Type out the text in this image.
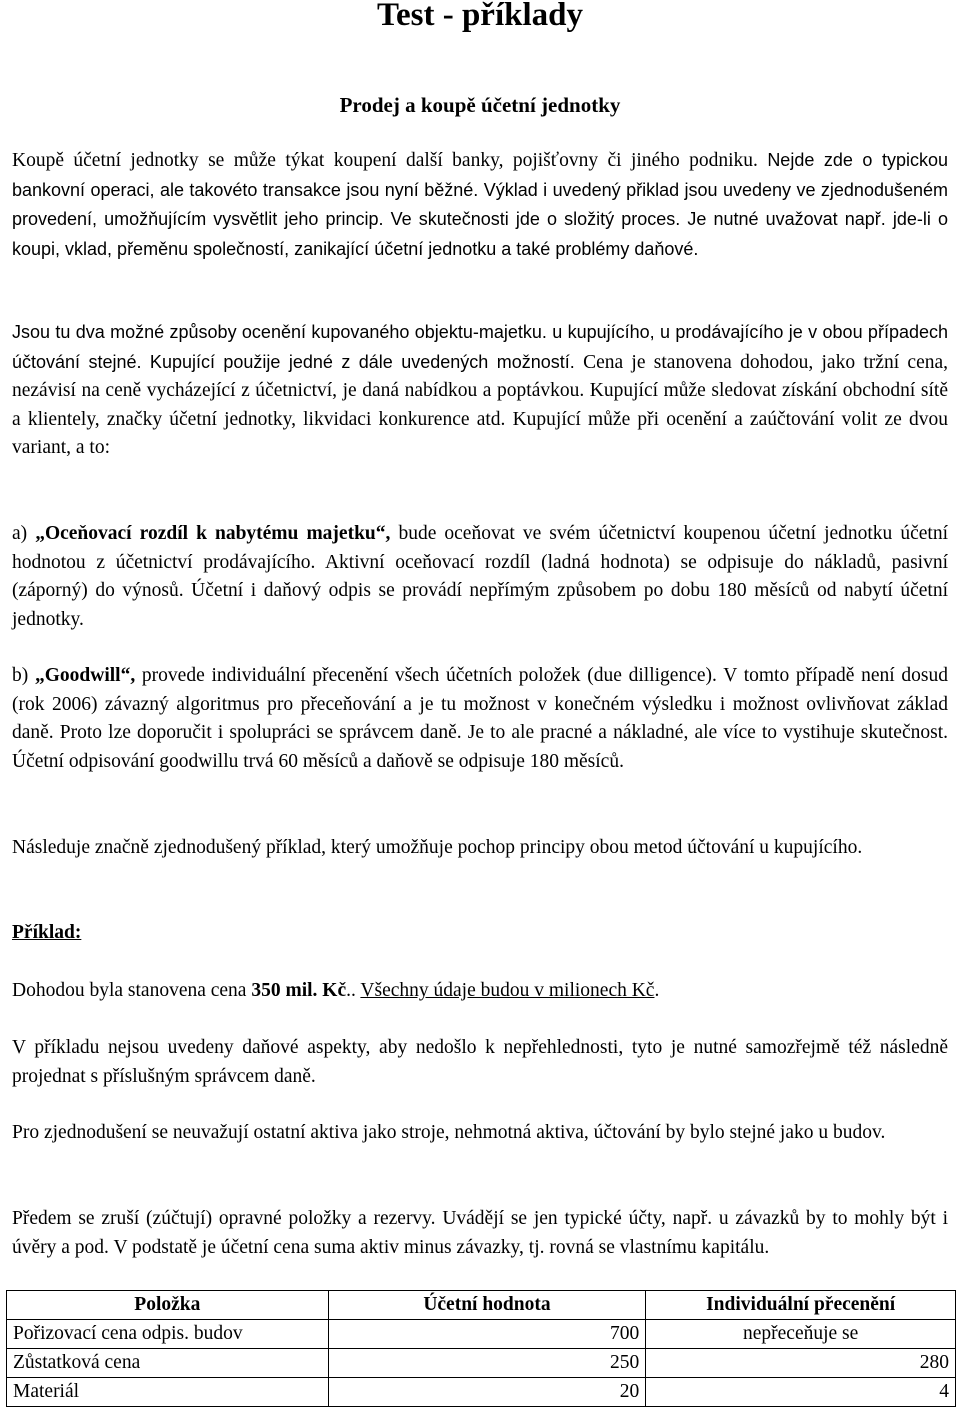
Test - příklady
Prodej a koupě účetní jednotky

Koupě účetní jednotky se může týkat koupení další banky, pojišťovny či jiného podniku. Nejde zde o typickou bankovní operaci, ale takovéto transakce jsou nyní běžné. Výklad i uvedený přiklad jsou uvedeny ve zjednodušeném provedení, umožňujícím vysvětlit jeho princip. Ve skutečnosti jde o složitý proces. Je nutné uvažovat např. jde-li o koupi, vklad, přeměnu společností, zanikající účetní jednotku a také problémy daňové.

Jsou tu dva možné způsoby ocenění kupovaného objektu-majetku. u kupujícího, u prodávajícího je v obou případech účtování stejné. Kupující použije jedné z dále uvedených možností. Cena je stanovena dohodou, jako tržní cena, nezávisí na ceně vycházející z účetnictví, je daná nabídkou a poptávkou. Kupující může sledovat získání obchodní sítě a klientely, značky účetní jednotky, likvidaci konkurence atd. Kupující může při ocenění a zaúčtování volit ze dvou variant, a to:

a) „Oceňovací rozdíl k nabytému majetku“, bude oceňovat ve svém účetnictví koupenou účetní jednotku účetní hodnotou z účetnictví prodávajícího. Aktivní oceňovací rozdíl (ladná hodnota) se odpisuje do nákladů, pasivní (záporný) do výnosů. Účetní i daňový odpis se provádí nepřímým způsobem po dobu 180 měsíců od nabytí účetní jednotky.

b) „Goodwill“, provede individuální přecenění všech účetních položek (due dilligence). V tomto případě není dosud (rok 2006) závazný algoritmus pro přeceňování a je tu možnost v konečném výsledku i možnost ovlivňovat základ daně. Proto lze doporučit i spolupráci se správcem daně. Je to ale pracné a nákladné, ale více to vystihuje skutečnost. Účetní odpisování goodwillu trvá 60 měsíců a daňově se odpisuje 180 měsíců.

Následuje značně zjednodušený příklad, který umožňuje pochop principy obou metod účtování u kupujícího.

Příklad:

Dohodou byla stanovena cena 350 mil. Kč.. Všechny údaje budou v milionech Kč.

V příkladu nejsou uvedeny daňové aspekty, aby nedošlo k nepřehlednosti, tyto je nutné samozřejmě též následně projednat s příslušným správcem daně.

Pro zjednodušení se neuvažují ostatní aktiva jako stroje, nehmotná aktiva, účtování by bylo stejné jako u budov.

Předem se zruší (zúčtují) opravné položky a rezervy. Uvádějí se jen typické účty, např. u závazků by to mohly být i úvěry a pod. V podstatě je účetní cena suma aktiv minus závazky, tj. rovná se vlastnímu kapitálu.

Položka	Účetní hodnota	Individuální přecenění
Pořizovací cena odpis. budov	700	nepřeceňuje se
Zůstatková cena	250	280
Materiál	20	4
